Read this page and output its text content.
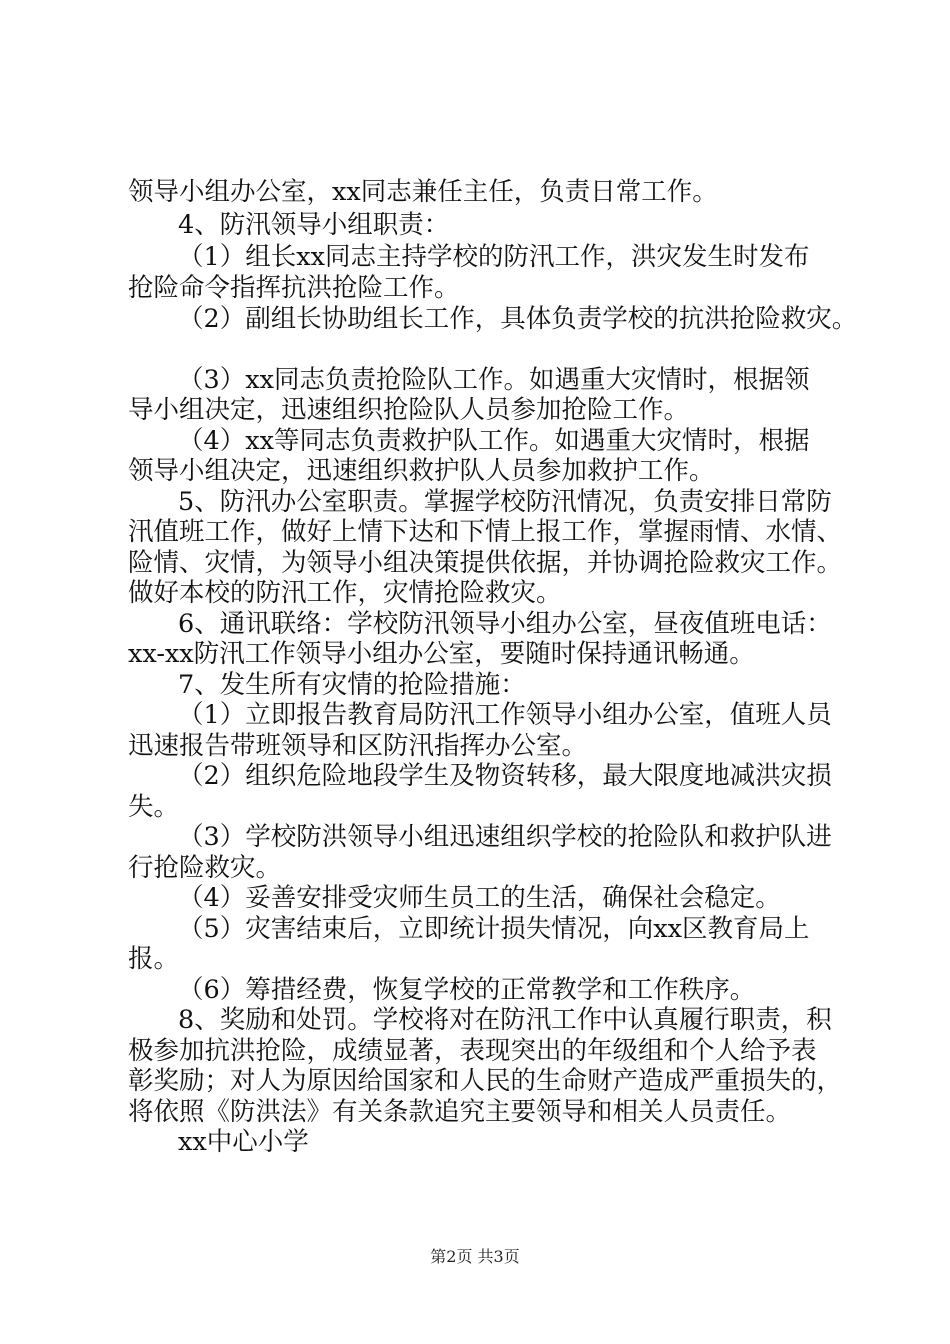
领导小组办公室，xx同志兼任主任，负责日常工作。
4、防汛领导小组职责：
（1）组长xx同志主持学校的防汛工作，洪灾发生时发布
抢险命令指挥抗洪抢险工作。
（2）副组长协助组长工作，具体负责学校的抗洪抢险救灾。
（3）xx同志负责抢险队工作。如遇重大灾情时，根据领
导小组决定，迅速组织抢险队人员参加抢险工作。
（4）xx等同志负责救护队工作。如遇重大灾情时，根据
领导小组决定，迅速组织救护队人员参加救护工作。
5、防汛办公室职责。掌握学校防汛情况，负责安排日常防
汛值班工作，做好上情下达和下情上报工作，掌握雨情、水情、
险情、灾情，为领导小组决策提供依据，并协调抢险救灾工作。
做好本校的防汛工作，灾情抢险救灾。
6、通讯联络：学校防汛领导小组办公室，昼夜值班电话：
xx-xx防汛工作领导小组办公室，要随时保持通讯畅通。
7、发生所有灾情的抢险措施：
（1）立即报告教育局防汛工作领导小组办公室，值班人员
迅速报告带班领导和区防汛指挥办公室。
（2）组织危险地段学生及物资转移，最大限度地减洪灾损
失。
（3）学校防洪领导小组迅速组织学校的抢险队和救护队进
行抢险救灾。
（4）妥善安排受灾师生员工的生活，确保社会稳定。
（5）灾害结束后，立即统计损失情况，向xx区教育局上
报。
（6）筹措经费，恢复学校的正常教学和工作秩序。
8、奖励和处罚。学校将对在防汛工作中认真履行职责，积
极参加抗洪抢险，成绩显著，表现突出的年级组和个人给予表
彰奖励；对人为原因给国家和人民的生命财产造成严重损失的，
将依照《防洪法》有关条款追究主要领导和相关人员责任。
xx中心小学
第2页 共3页
